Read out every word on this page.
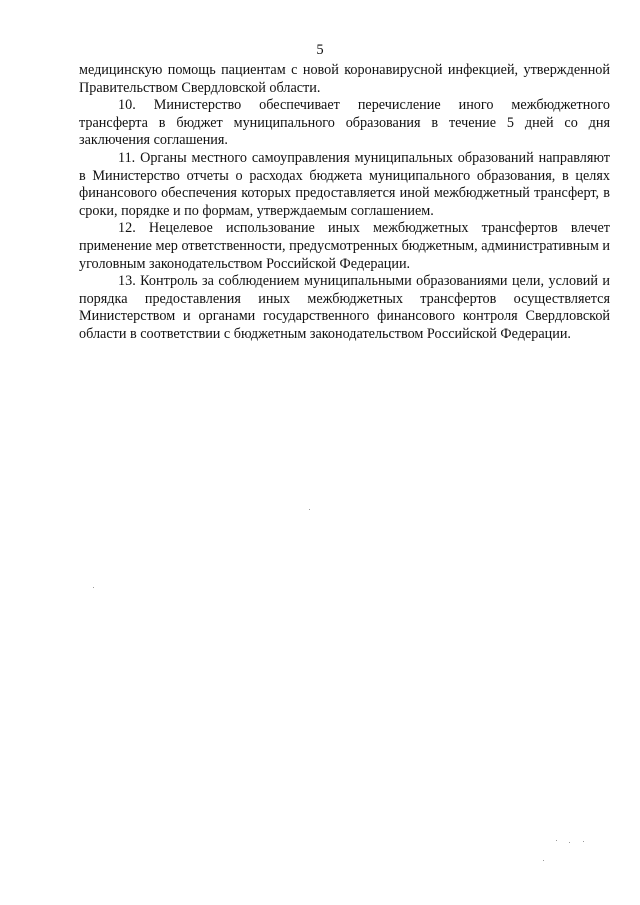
5

медицинскую помощь пациентам с новой коронавирусной инфекцией, утвержденной Правительством Свердловской области.

10. Министерство обеспечивает перечисление иного межбюджетного трансферта в бюджет муниципального образования в течение 5 дней со дня заключения соглашения.

11. Органы местного самоуправления муниципальных образований направляют в Министерство отчеты о расходах бюджета муниципального образования, в целях финансового обеспечения которых предоставляется иной межбюджетный трансферт, в сроки, порядке и по формам, утверждаемым соглашением.

12. Нецелевое использование иных межбюджетных трансфертов влечет применение мер ответственности, предусмотренных бюджетным, административным и уголовным законодательством Российской Федерации.

13. Контроль за соблюдением муниципальными образованиями цели, условий и порядка предоставления иных межбюджетных трансфертов осуществляется Министерством и органами государственного финансового контроля Свердловской области в соответствии с бюджетным законодательством Российской Федерации.
